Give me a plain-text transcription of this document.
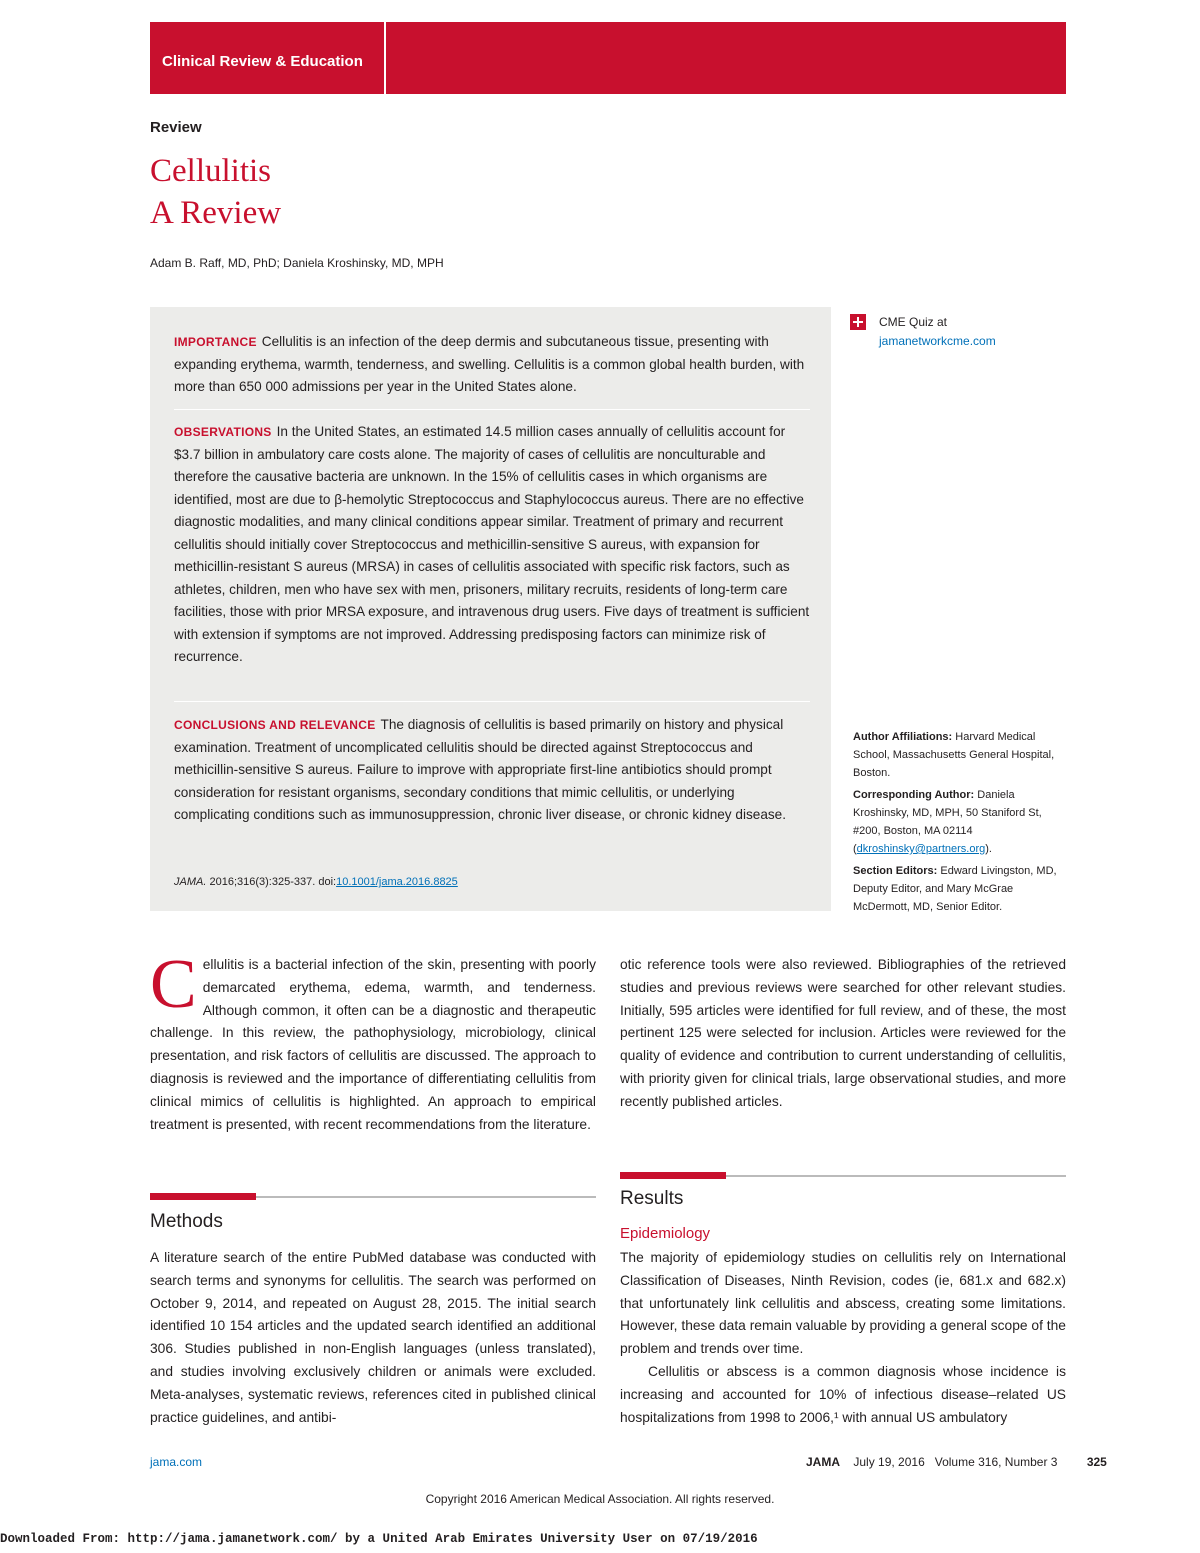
Clinical Review & Education
Review
Cellulitis
A Review
Adam B. Raff, MD, PhD; Daniela Kroshinsky, MD, MPH
IMPORTANCE Cellulitis is an infection of the deep dermis and subcutaneous tissue, presenting with expanding erythema, warmth, tenderness, and swelling. Cellulitis is a common global health burden, with more than 650 000 admissions per year in the United States alone.
OBSERVATIONS In the United States, an estimated 14.5 million cases annually of cellulitis account for $3.7 billion in ambulatory care costs alone. The majority of cases of cellulitis are nonculturable and therefore the causative bacteria are unknown. In the 15% of cellulitis cases in which organisms are identified, most are due to β-hemolytic Streptococcus and Staphylococcus aureus. There are no effective diagnostic modalities, and many clinical conditions appear similar. Treatment of primary and recurrent cellulitis should initially cover Streptococcus and methicillin-sensitive S aureus, with expansion for methicillin-resistant S aureus (MRSA) in cases of cellulitis associated with specific risk factors, such as athletes, children, men who have sex with men, prisoners, military recruits, residents of long-term care facilities, those with prior MRSA exposure, and intravenous drug users. Five days of treatment is sufficient with extension if symptoms are not improved. Addressing predisposing factors can minimize risk of recurrence.
CONCLUSIONS AND RELEVANCE The diagnosis of cellulitis is based primarily on history and physical examination. Treatment of uncomplicated cellulitis should be directed against Streptococcus and methicillin-sensitive S aureus. Failure to improve with appropriate first-line antibiotics should prompt consideration for resistant organisms, secondary conditions that mimic cellulitis, or underlying complicating conditions such as immunosuppression, chronic liver disease, or chronic kidney disease.
JAMA. 2016;316(3):325-337. doi:10.1001/jama.2016.8825
CME Quiz at
jamanetworkcme.com

Author Affiliations: Harvard Medical School, Massachusetts General Hospital, Boston.

Corresponding Author: Daniela Kroshinsky, MD, MPH, 50 Staniford St, #200, Boston, MA 02114 (dkroshinsky@partners.org).

Section Editors: Edward Livingston, MD, Deputy Editor, and Mary McGrae McDermott, MD, Senior Editor.

Cellulitis is a bacterial infection of the skin, presenting with poorly demarcated erythema, edema, warmth, and tenderness. Although common, it often can be a diagnostic and therapeutic challenge. In this review, the pathophysiology, microbiology, clinical presentation, and risk factors of cellulitis are discussed. The approach to diagnosis is reviewed and the importance of differentiating cellulitis from clinical mimics of cellulitis is highlighted. An approach to empirical treatment is presented, with recent recommendations from the literature.
Methods
A literature search of the entire PubMed database was conducted with search terms and synonyms for cellulitis. The search was performed on October 9, 2014, and repeated on August 28, 2015. The initial search identified 10 154 articles and the updated search identified an additional 306. Studies published in non-English languages (unless translated), and studies involving exclusively children or animals were excluded. Meta-analyses, systematic reviews, references cited in published clinical practice guidelines, and antibi-
otic reference tools were also reviewed. Bibliographies of the retrieved studies and previous reviews were searched for other relevant studies. Initially, 595 articles were identified for full review, and of these, the most pertinent 125 were selected for inclusion. Articles were reviewed for the quality of evidence and contribution to current understanding of cellulitis, with priority given for clinical trials, large observational studies, and more recently published articles.
Results
Epidemiology

The majority of epidemiology studies on cellulitis rely on International Classification of Diseases, Ninth Revision, codes (ie, 681.x and 682.x) that unfortunately link cellulitis and abscess, creating some limitations. However, these data remain valuable by providing a general scope of the problem and trends over time.

Cellulitis or abscess is a common diagnosis whose incidence is increasing and accounted for 10% of infectious disease–related US hospitalizations from 1998 to 2006,¹ with annual US ambulatory

jama.com	JAMA July 19, 2016   Volume 316, Number 3 325
Copyright 2016 American Medical Association. All rights reserved.
Downloaded From: http://jama.jamanetwork.com/ by a United Arab Emirates University User on 07/19/2016
